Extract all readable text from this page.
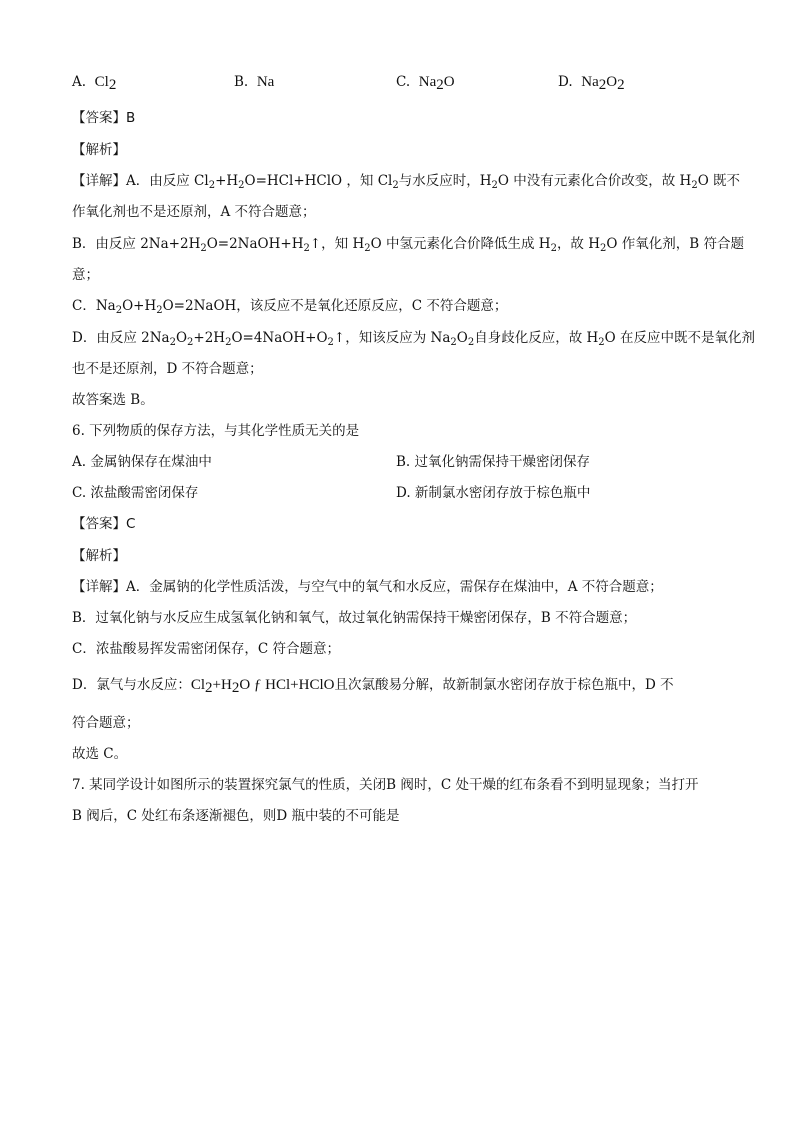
A. $Cl_2$	B. Na	C. $Na_2O$	D. $Na_2O_2$
【答案】B
【解析】
【详解】A．由反应 $Cl_2+H_2O=HCl+HClO$ ，知 $Cl_2$与水反应时，$H_2O$ 中没有元素化合价改变，故 $H_2O$ 既不
作氧化剂也不是还原剂，A 不符合题意；
B．由反应 $2Na+2H_2O=2NaOH+H_2↑$，知 $H_2O$ 中氢元素化合价降低生成 $H_2$，故 $H_2O$ 作氧化剂，B 符合题
意；
C．$Na_2O+H_2O=2NaOH$，该反应不是氧化还原反应，C 不符合题意；
D．由反应 $2Na_2O_2+2H_2O=4NaOH+O_2↑$，知该反应为 $Na_2O_2$自身歧化反应，故 $H_2O$ 在反应中既不是氧化剂
也不是还原剂，D 不符合题意；
故答案选 B。
6. 下列物质的保存方法，与其化学性质无关的是
A. 金属钠保存在煤油中	B. 过氧化钠需保持干燥密闭保存
C. 浓盐酸需密闭保存	D. 新制氯水密闭存放于棕色瓶中
【答案】C
【解析】
【详解】A．金属钠的化学性质活泼，与空气中的氧气和水反应，需保存在煤油中，A 不符合题意；
B．过氧化钠与水反应生成氢氧化钠和氧气，故过氧化钠需保持干燥密闭保存，B 不符合题意；
C．浓盐酸易挥发需密闭保存，C 符合题意；
D．氯气与水反应：$Cl_2+H_2O$ ƒ HCl+HClO且次氯酸易分解，故新制氯水密闭存放于棕色瓶中，D 不
符合题意；
故选 C。
7. 某同学设计如图所示的装置探究氯气的性质，关闭B 阀时，C 处干燥的红布条看不到明显现象；当打开
B 阀后，C 处红布条逐渐褪色，则D 瓶中装的不可能是
